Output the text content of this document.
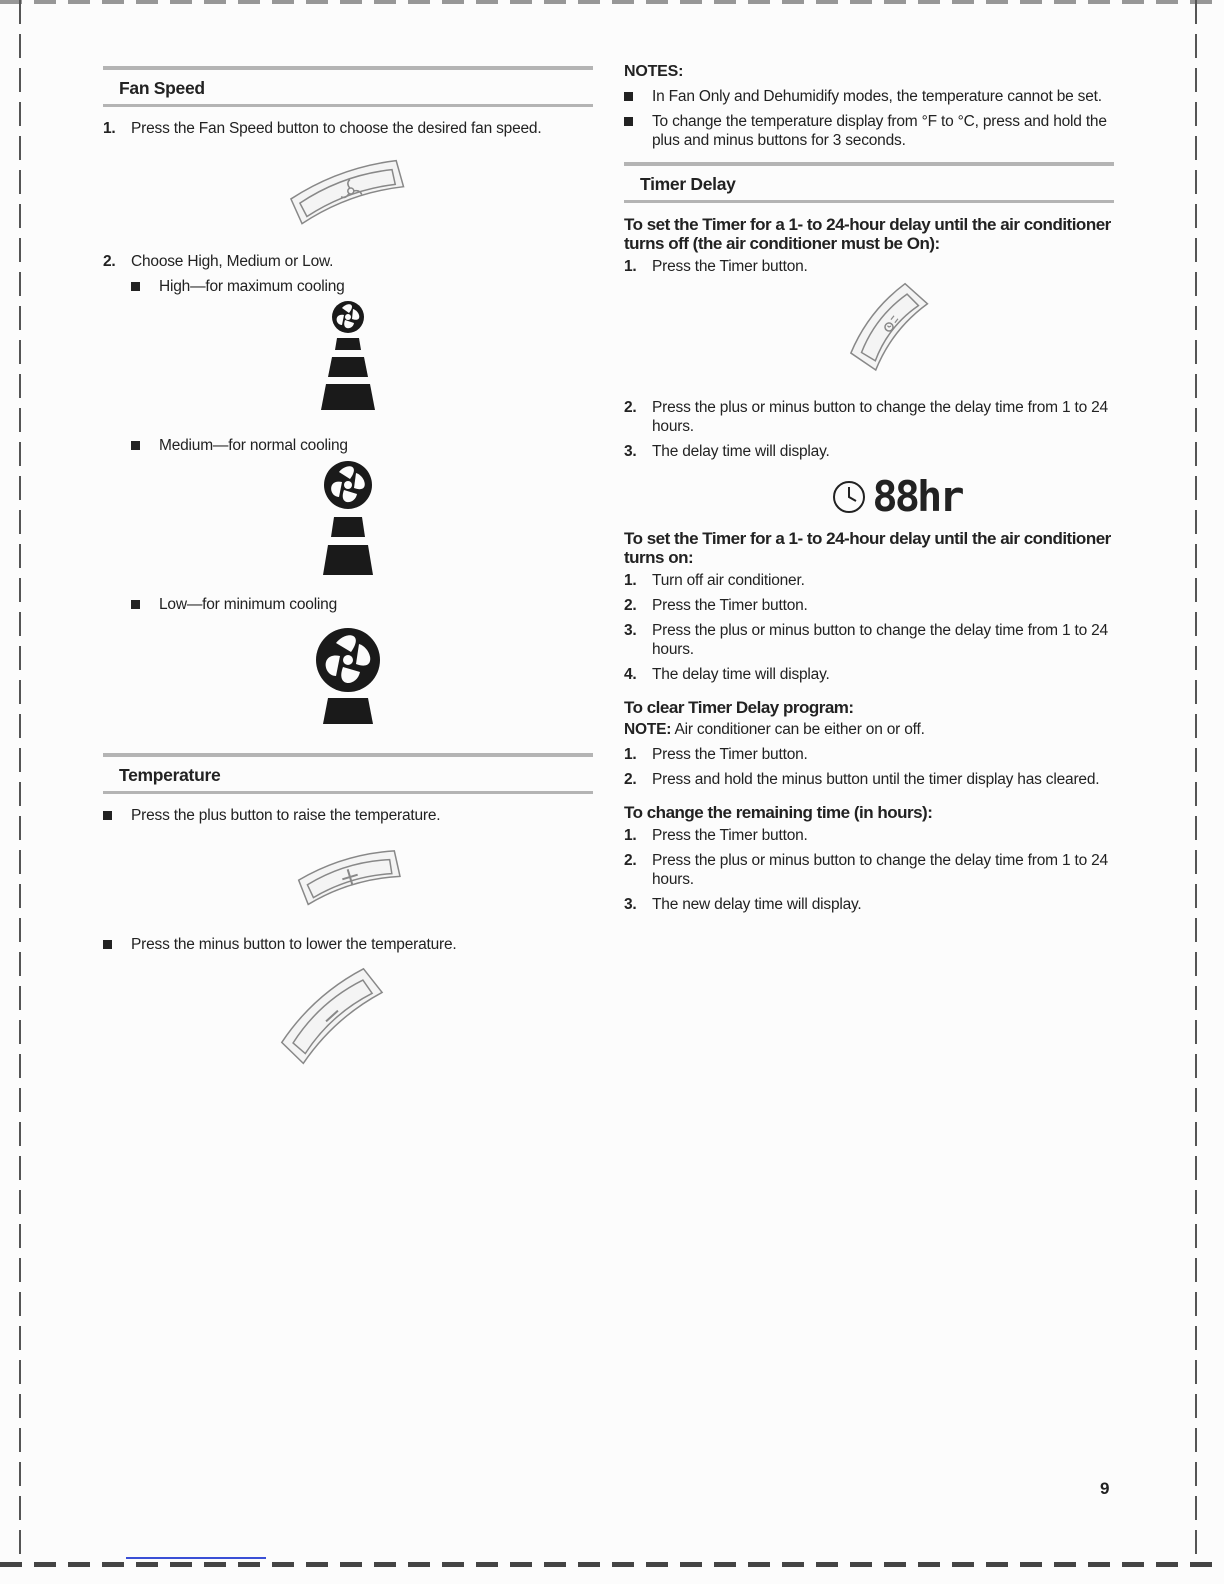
Fan Speed
1. Press the Fan Speed button to choose the desired fan speed.
2. Choose High, Medium or Low.
High—for maximum cooling
Medium—for normal cooling
Low—for minimum cooling
Temperature
Press the plus button to raise the temperature.
Press the minus button to lower the temperature.
NOTES:
In Fan Only and Dehumidify modes, the temperature cannot be set.
To change the temperature display from °F to °C, press and hold the plus and minus buttons for 3 seconds.
Timer Delay
To set the Timer for a 1- to 24-hour delay until the air conditioner turns off (the air conditioner must be On):
1. Press the Timer button.
2. Press the plus or minus button to change the delay time from 1 to 24 hours.
3. The delay time will display.
88hr
To set the Timer for a 1- to 24-hour delay until the air conditioner turns on:
1. Turn off air conditioner.
2. Press the Timer button.
3. Press the plus or minus button to change the delay time from 1 to 24 hours.
4. The delay time will display.
To clear Timer Delay program:
NOTE: Air conditioner can be either on or off.
1. Press the Timer button.
2. Press and hold the minus button until the timer display has cleared.
To change the remaining time (in hours):
1. Press the Timer button.
2. Press the plus or minus button to change the delay time from 1 to 24 hours.
3. The new delay time will display.
9
